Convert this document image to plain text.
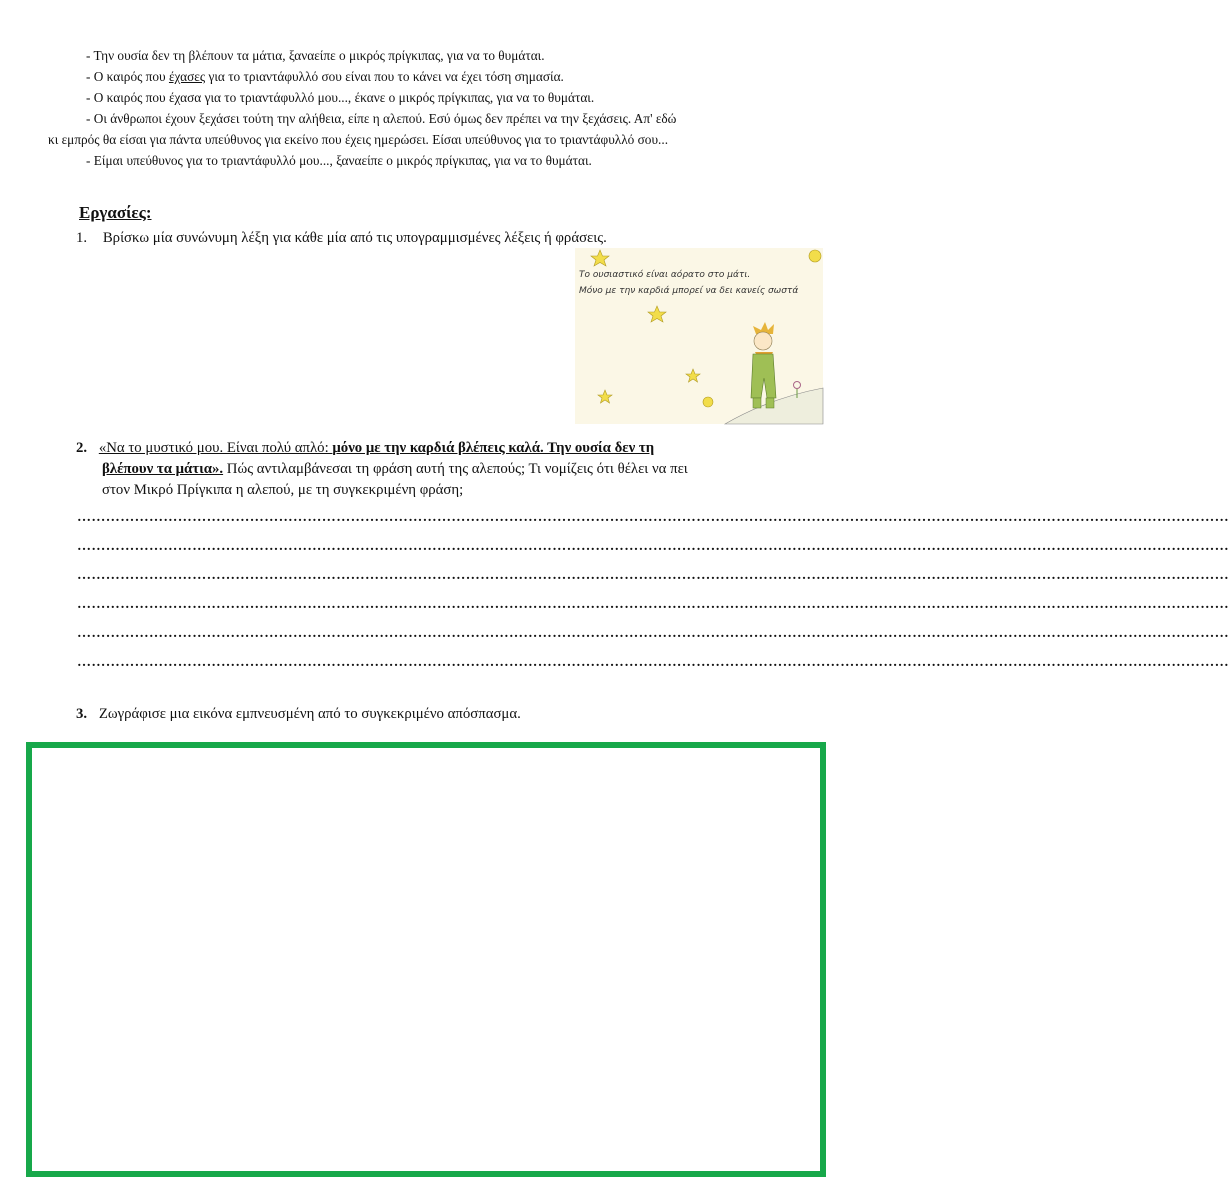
- Την ουσία δεν τη βλέπουν τα μάτια, ξαναείπε ο μικρός πρίγκιπας, για να το θυμάται.
- Ο καιρός που έχασες για το τριαντάφυλλό σου είναι που το κάνει να έχει τόση σημασία.
- Ο καιρός που έχασα για το τριαντάφυλλό μου..., έκανε ο μικρός πρίγκιπας, για να το θυμάται.
- Οι άνθρωποι έχουν ξεχάσει τούτη την αλήθεια, είπε η αλεπού. Εσύ όμως δεν πρέπει να την ξεχάσεις. Απ' εδώ
κι εμπρός θα είσαι για πάντα υπεύθυνος για εκείνο που έχεις ημερώσει. Είσαι υπεύθυνος για το τριαντάφυλλό σου...
- Είμαι υπεύθυνος για το τριαντάφυλλό μου..., ξαναείπε ο μικρός πρίγκιπας, για να το θυμάται.
Εργασίες:
1. Βρίσκω μία συνώνυμη λέξη για κάθε μία από τις υπογραμμισμένες λέξεις ή φράσεις.
Το ουσιαστικό είναι αόρατο στο μάτι.
Μόνο με την καρδιά μπορεί να δει κανείς σωστά
2. «Να το μυστικό μου. Είναι πολύ απλό: μόνο με την καρδιά βλέπεις καλά. Την ουσία δεν τη
βλέπουν τα μάτια». Πώς αντιλαμβάνεσαι τη φράση αυτή της αλεπούς; Τι νομίζεις ότι θέλει να πει
στον Μικρό Πρίγκιπα η αλεπού, με τη συγκεκριμένη φράση;
……………………………………………………………………………………………………………………………………………………………………………………………………………………
……………………………………………………………………………………………………………………………………………………………………………………………………………………
……………………………………………………………………………………………………………………………………………………………………………………………………………………
……………………………………………………………………………………………………………………………………………………………………………………………………………………
……………………………………………………………………………………………………………………………………………………………………………………………………………………
……………………………………………………………………………………………………………………………………………………………………………………………………………………
3. Ζωγράφισε μια εικόνα εμπνευσμένη από το συγκεκριμένο απόσπασμα.
